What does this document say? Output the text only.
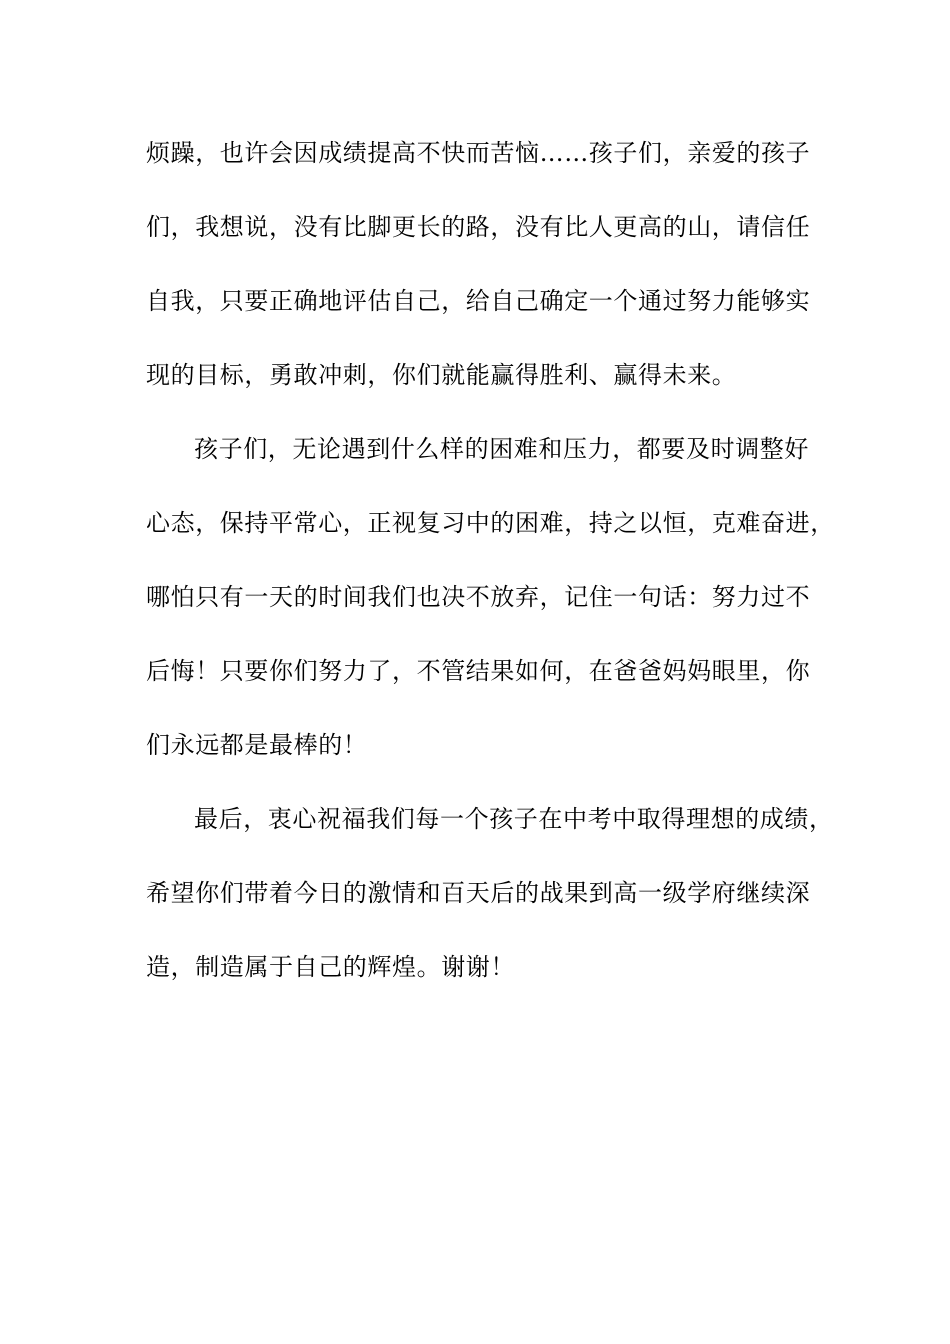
烦躁，也许会因成绩提高不快而苦恼……孩子们，亲爱的孩子
们，我想说，没有比脚更长的路，没有比人更高的山，请信任
自我，只要正确地评估自己，给自己确定一个通过努力能够实
现的目标，勇敢冲刺，你们就能赢得胜利、赢得未来。
孩子们，无论遇到什么样的困难和压力，都要及时调整好
心态，保持平常心，正视复习中的困难，持之以恒，克难奋进，
哪怕只有一天的时间我们也决不放弃，记住一句话：努力过不
后悔！只要你们努力了，不管结果如何，在爸爸妈妈眼里，你
们永远都是最棒的！
最后，衷心祝福我们每一个孩子在中考中取得理想的成绩，
希望你们带着今日的激情和百天后的战果到高一级学府继续深
造，制造属于自己的辉煌。谢谢！
